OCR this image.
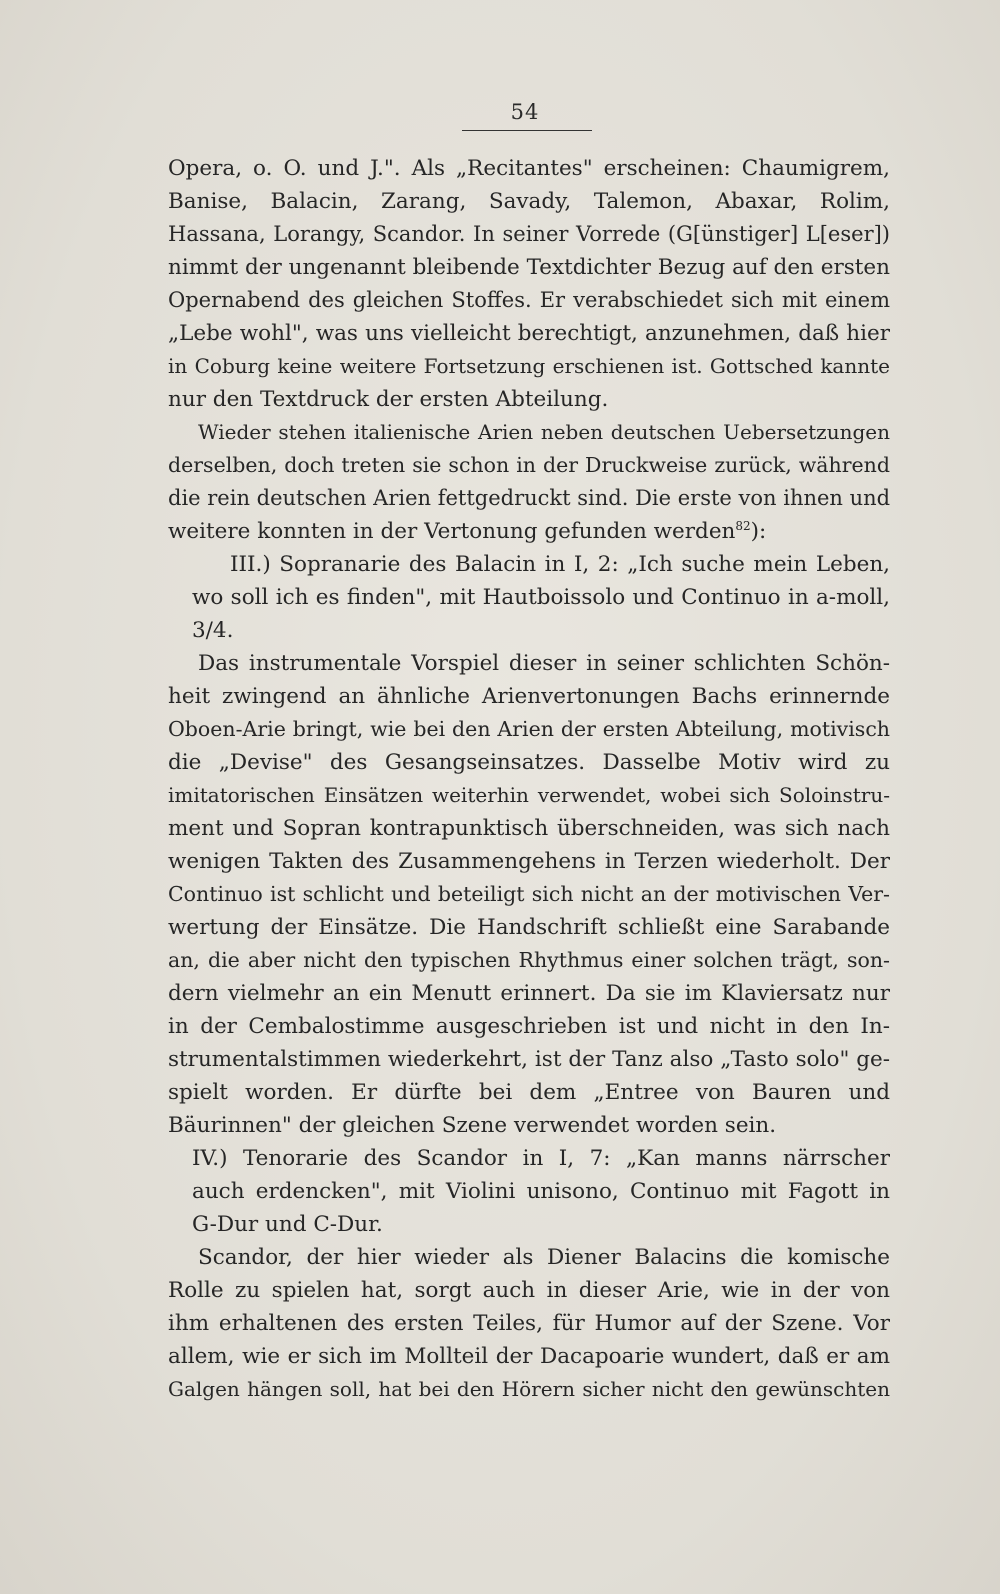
54
Opera, o. O. und J.". Als „Recitantes" erscheinen: Chaumigrem,
Banise, Balacin, Zarang, Savady, Talemon, Abaxar, Rolim,
Hassana, Lorangy, Scandor. In seiner Vorrede (G[ünstiger] L[eser])
nimmt der ungenannt bleibende Textdichter Bezug auf den ersten
Opernabend des gleichen Stoffes. Er verabschiedet sich mit einem
„Lebe wohl", was uns vielleicht berechtigt, anzunehmen, daß hier
in Coburg keine weitere Fortsetzung erschienen ist. Gottsched kannte
nur den Textdruck der ersten Abteilung.
Wieder stehen italienische Arien neben deutschen Uebersetzungen
derselben, doch treten sie schon in der Druckweise zurück, während
die rein deutschen Arien fettgedruckt sind. Die erste von ihnen und
weitere konnten in der Vertonung gefunden werden$^{82}$):
III.) Sopranarie des Balacin in I, 2: „Ich suche mein Leben,
wo soll ich es finden", mit Hautboissolo und Continuo in a-moll,
3/4.
Das instrumentale Vorspiel dieser in seiner schlichten Schön-
heit zwingend an ähnliche Arienvertonungen Bachs erinnernde
Oboen-Arie bringt, wie bei den Arien der ersten Abteilung, motivisch
die „Devise" des Gesangseinsatzes. Dasselbe Motiv wird zu
imitatorischen Einsätzen weiterhin verwendet, wobei sich Soloinstru-
ment und Sopran kontrapunktisch überschneiden, was sich nach
wenigen Takten des Zusammengehens in Terzen wiederholt. Der
Continuo ist schlicht und beteiligt sich nicht an der motivischen Ver-
wertung der Einsätze. Die Handschrift schließt eine Sarabande
an, die aber nicht den typischen Rhythmus einer solchen trägt, son-
dern vielmehr an ein Menutt erinnert. Da sie im Klaviersatz nur
in der Cembalostimme ausgeschrieben ist und nicht in den In-
strumentalstimmen wiederkehrt, ist der Tanz also „Tasto solo" ge-
spielt worden. Er dürfte bei dem „Entree von Bauren und
Bäurinnen" der gleichen Szene verwendet worden sein.
IV.) Tenorarie des Scandor in I, 7: „Kan manns närrscher
auch erdencken", mit Violini unisono, Continuo mit Fagott in
G-Dur und C-Dur.
Scandor, der hier wieder als Diener Balacins die komische
Rolle zu spielen hat, sorgt auch in dieser Arie, wie in der von
ihm erhaltenen des ersten Teiles, für Humor auf der Szene. Vor
allem, wie er sich im Mollteil der Dacapoarie wundert, daß er am
Galgen hängen soll, hat bei den Hörern sicher nicht den gewünschten
